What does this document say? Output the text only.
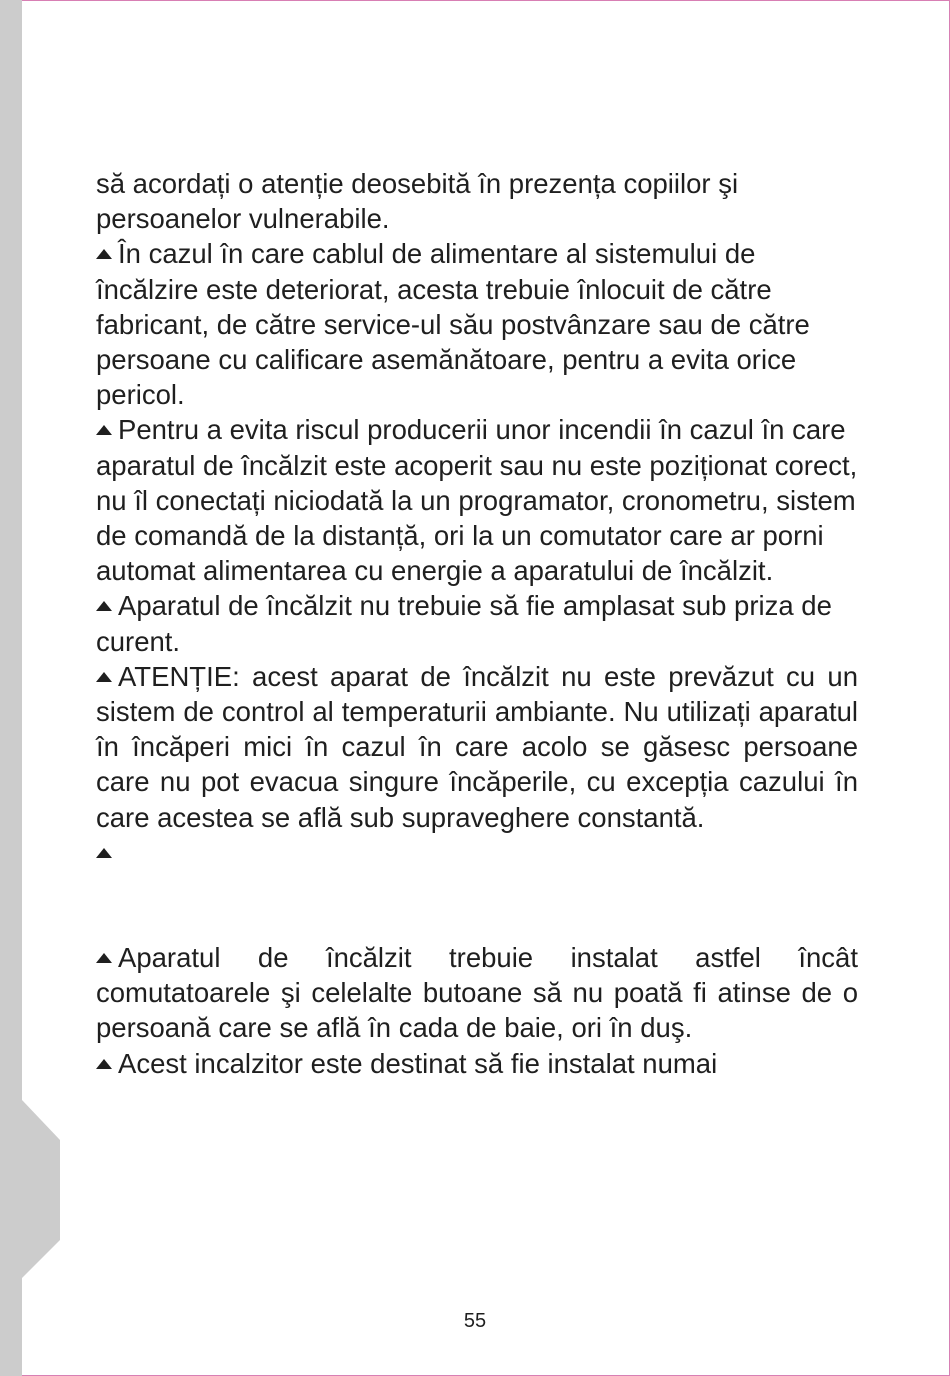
să acordați o atenție deosebită în prezența copiilor şi persoanelor vulnerabile.

În cazul în care cablul de alimentare al sistemului de încălzire este deteriorat, acesta trebuie înlocuit de către fabricant, de către service-ul său postvânzare sau de către persoane cu calificare asemănătoare, pentru a evita orice pericol.

Pentru a evita riscul producerii unor incendii în cazul în care aparatul de încălzit este acoperit sau nu este poziționat corect, nu îl conectați niciodată la un programator, cronometru, sistem de comandă de la distanță, ori la un comutator care ar porni automat alimentarea cu energie a aparatului de încălzit.

Aparatul de încălzit nu trebuie să fie amplasat sub priza de curent.

ATENȚIE: acest aparat de încălzit nu este prevăzut cu un sistem de control al temperaturii ambiante. Nu utilizați aparatul în încăperi mici în cazul în care acolo se găsesc persoane care nu pot evacua singure încăperile, cu excepția cazului în care acestea se află sub supraveghere constantă.

Aparatul de încălzit trebuie instalat astfel încât comutatoarele şi celelalte butoane să nu poată fi atinse de o persoană care se află în cada de baie, ori în duş.

Acest incalzitor este destinat să fie instalat numai

55
